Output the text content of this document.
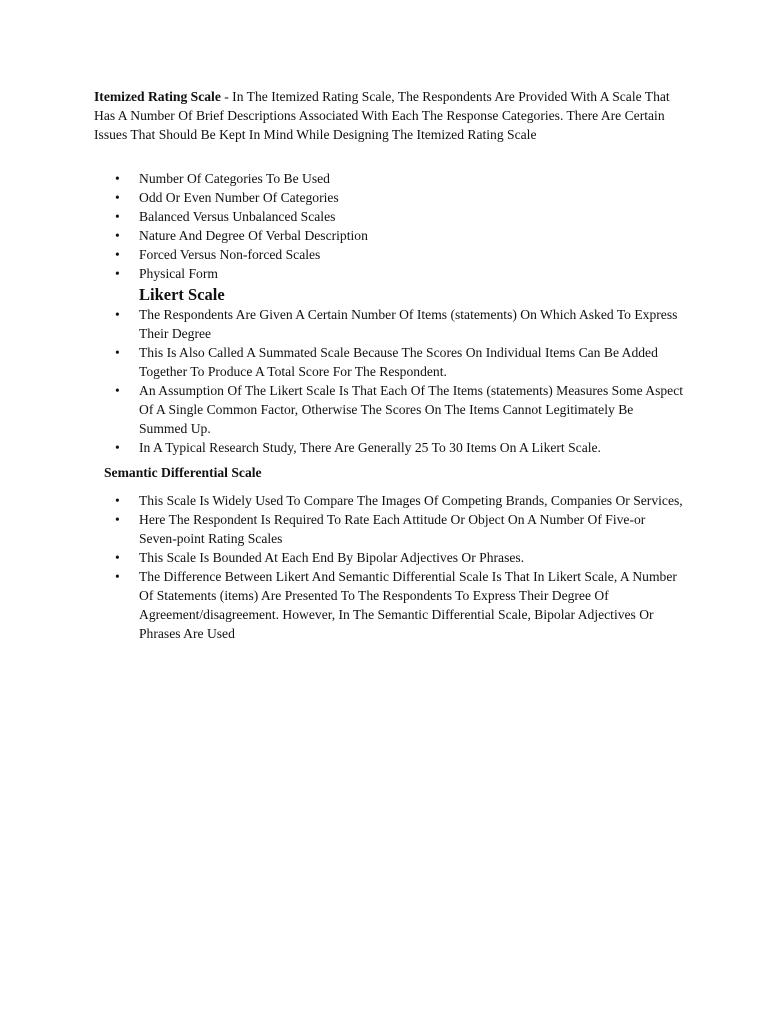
Itemized Rating Scale - In The Itemized Rating Scale, The Respondents Are Provided With A Scale That Has A Number Of Brief Descriptions Associated With Each The Response Categories. There Are Certain Issues That Should Be Kept In Mind While Designing The Itemized Rating Scale

• Number Of Categories To Be Used
• Odd Or Even Number Of Categories
• Balanced Versus Unbalanced Scales
• Nature And Degree Of Verbal Description
• Forced Versus Non-forced Scales
• Physical Form
Likert Scale
• The Respondents Are Given A Certain Number Of Items (statements) On Which Asked To Express Their Degree
• This Is Also Called A Summated Scale Because The Scores On Individual Items Can Be Added Together To Produce A Total Score For The Respondent.
• An Assumption Of The Likert Scale Is That Each Of The Items (statements) Measures Some Aspect Of A Single Common Factor, Otherwise The Scores On The Items Cannot Legitimately Be Summed Up.
• In A Typical Research Study, There Are Generally 25 To 30 Items On A Likert Scale.
Semantic Differential Scale
• This Scale Is Widely Used To Compare The Images Of Competing Brands, Companies Or Services,
• Here The Respondent Is Required To Rate Each Attitude Or Object On A Number Of Five-or Seven-point Rating Scales
• This Scale Is Bounded At Each End By Bipolar Adjectives Or Phrases.
• The Difference Between Likert And Semantic Differential Scale Is That In Likert Scale, A Number Of Statements (items) Are Presented To The Respondents To Express Their Degree Of Agreement/disagreement. However, In The Semantic Differential Scale, Bipolar Adjectives Or Phrases Are Used
